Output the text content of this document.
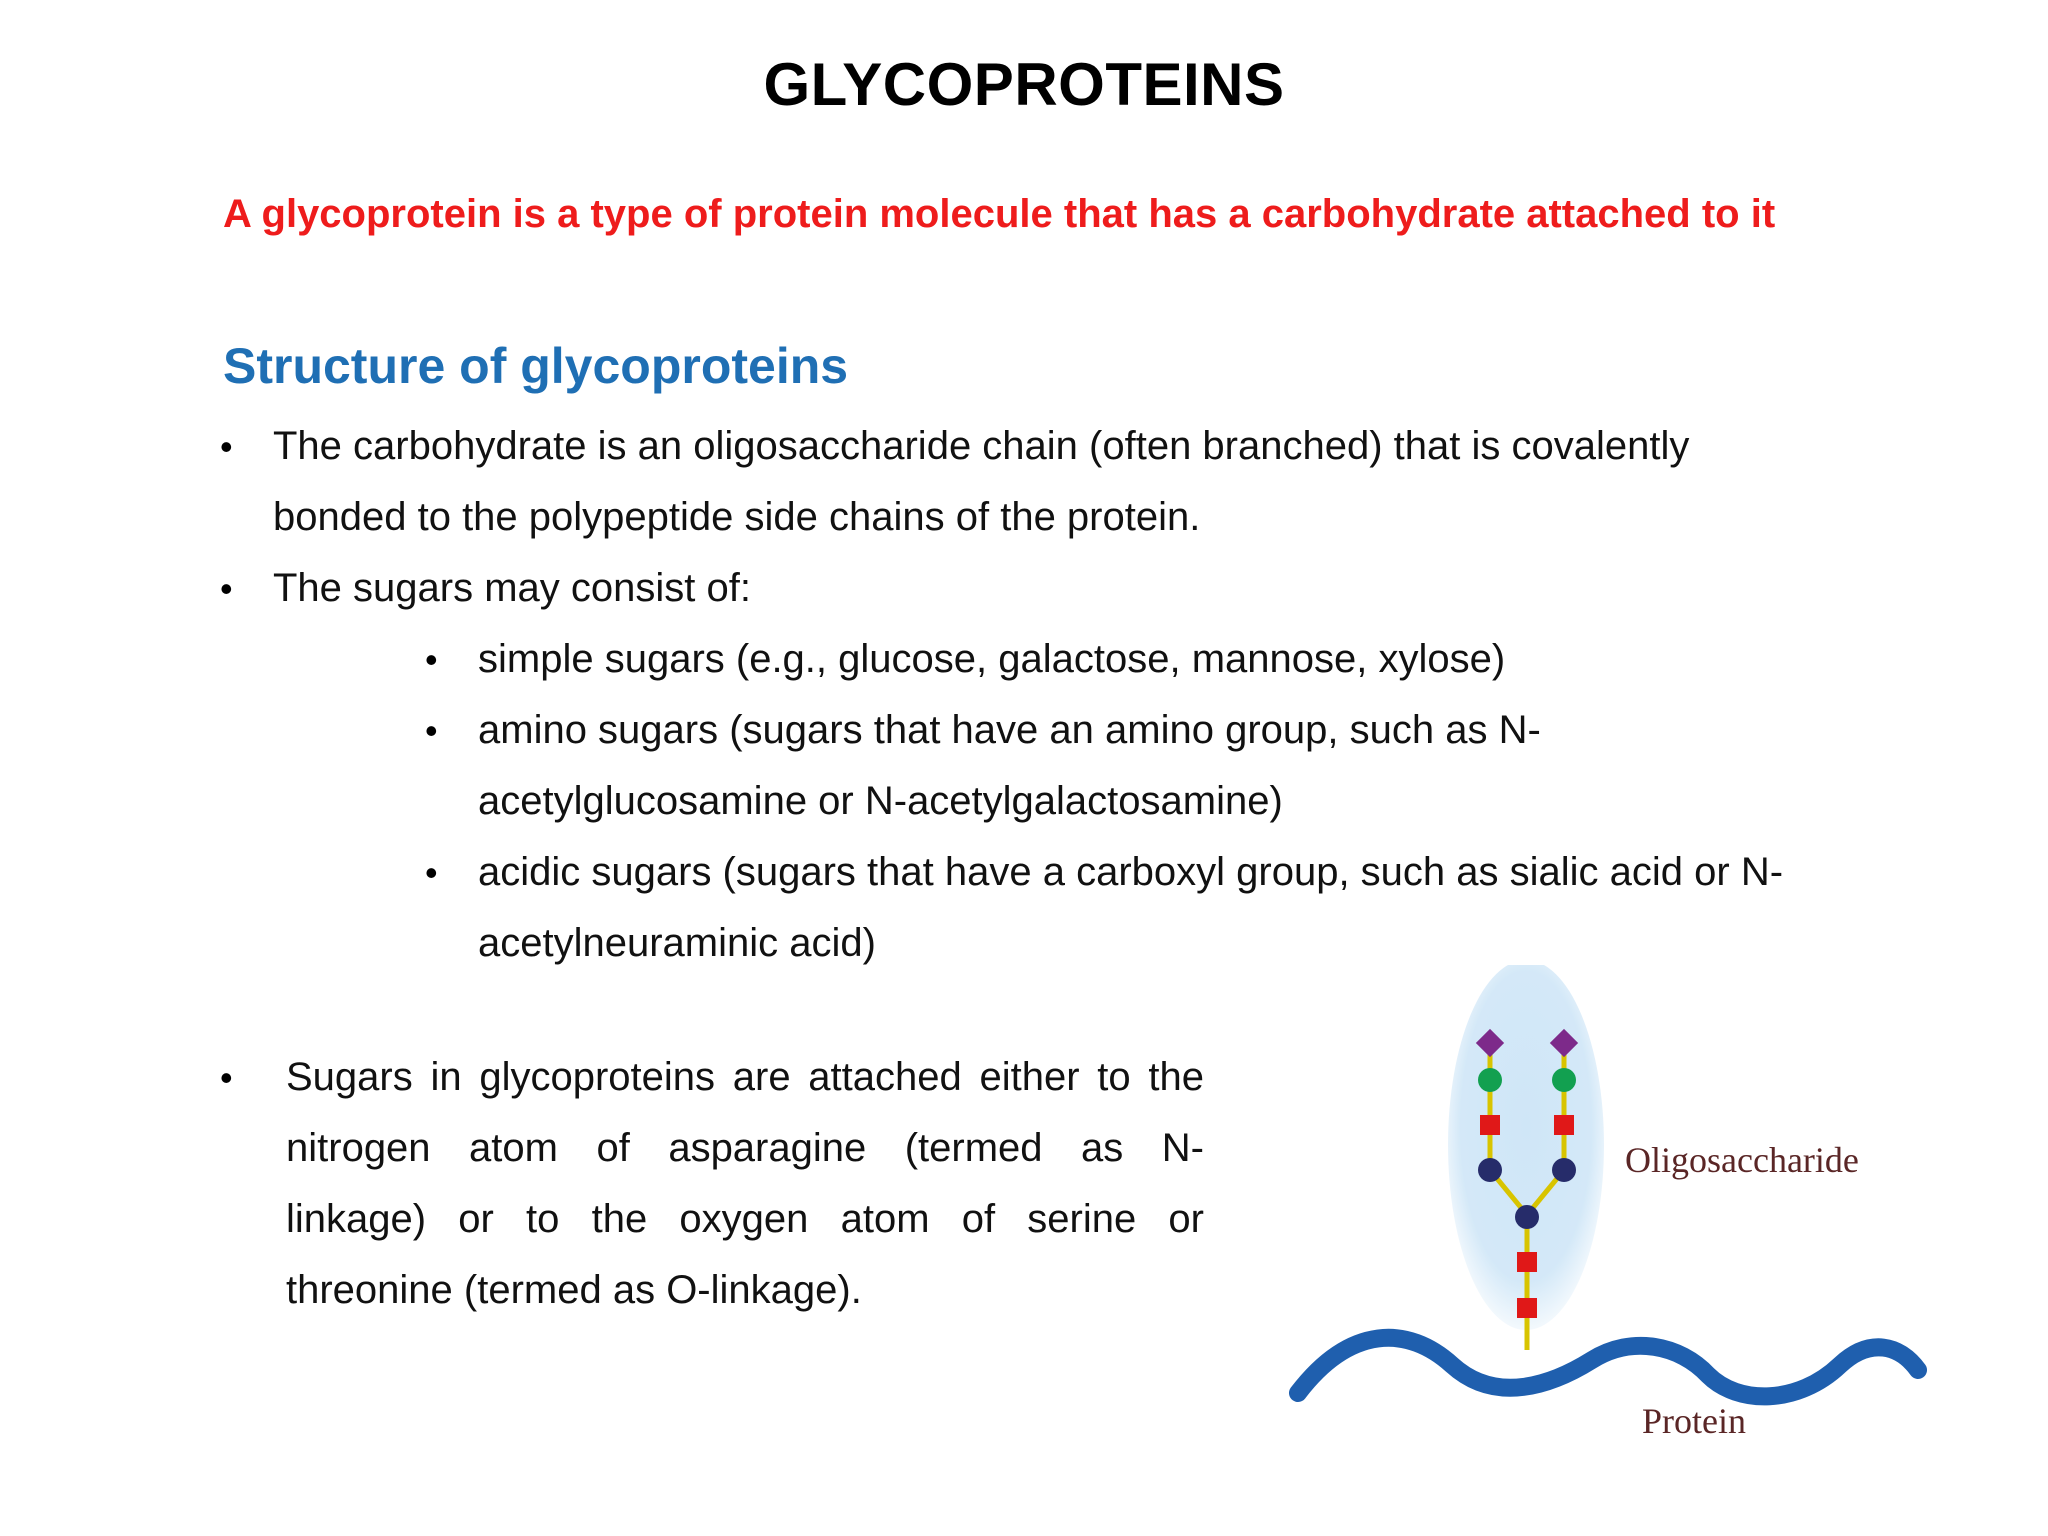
GLYCOPROTEINS
A glycoprotein is a type of protein molecule that has a carbohydrate attached to it
Structure of glycoproteins
• The carbohydrate is an oligosaccharide chain (often branched) that is covalently
bonded to the polypeptide side chains of the protein.
• The sugars may consist of:
• simple sugars (e.g., glucose, galactose, mannose, xylose)
• amino sugars (sugars that have an amino group, such as N-
acetylglucosamine or N-acetylgalactosamine)
• acidic sugars (sugars that have a carboxyl group, such as sialic acid or N-
acetylneuraminic acid)
• Sugars in glycoproteins are attached either to the
nitrogen atom of asparagine (termed as N-
linkage) or to the oxygen atom of serine or
threonine (termed as O-linkage).
Oligosaccharide
Protein
